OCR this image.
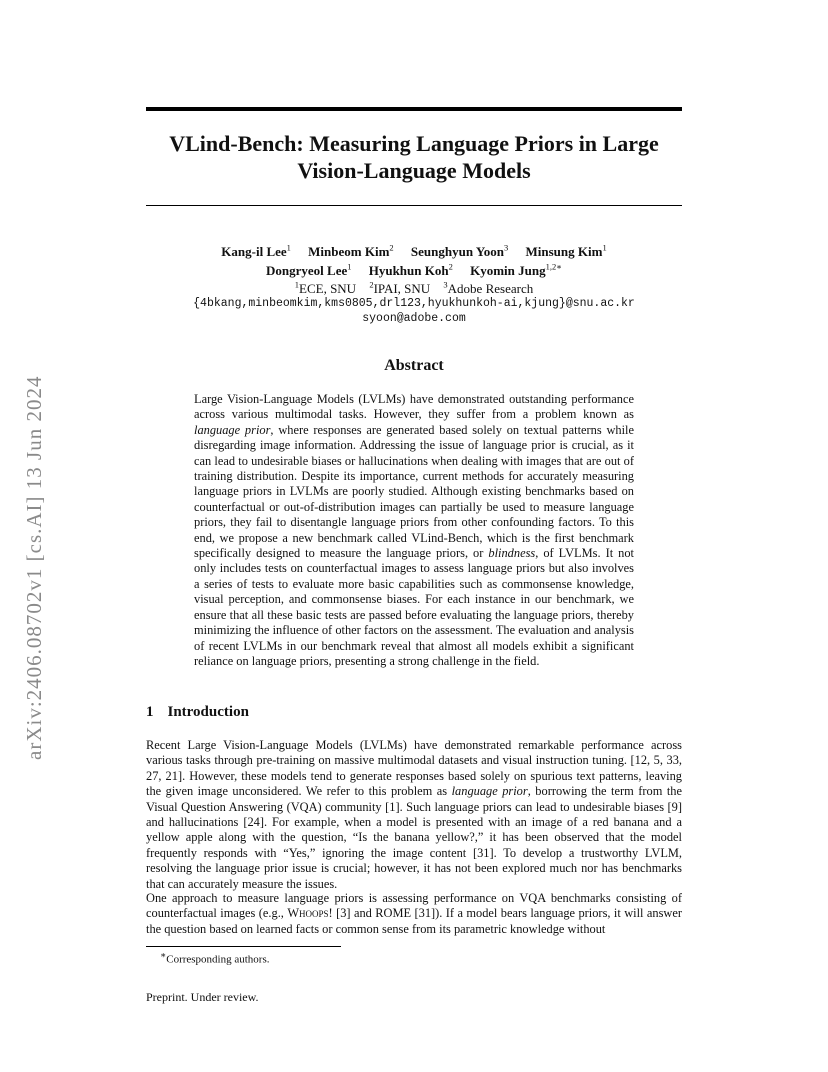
arXiv:2406.08702v1 [cs.AI] 13 Jun 2024
VLind-Bench: Measuring Language Priors in Large
Vision-Language Models
Kang-il Lee$^1$ Minbeom Kim$^2$ Seunghyun Yoon$^3$ Minsung Kim$^1$
Dongryeol Lee$^1$ Hyukhun Koh$^2$ Kyomin Jung$^{1,2∗}$
$^1$ECE, SNU $^2$IPAI, SNU $^3$Adobe Research
{4bkang,minbeomkim,kms0805,drl123,hyukhunkoh-ai,kjung}@snu.ac.kr
syoon@adobe.com
Abstract
Large Vision-Language Models (LVLMs) have demonstrated outstanding performance across various multimodal tasks. However, they suffer from a problem known as language prior, where responses are generated based solely on textual patterns while disregarding image information. Addressing the issue of language prior is crucial, as it can lead to undesirable biases or hallucinations when dealing with images that are out of training distribution. Despite its importance, current methods for accurately measuring language priors in LVLMs are poorly studied. Although existing benchmarks based on counterfactual or out-of-distribution images can partially be used to measure language priors, they fail to disentangle language priors from other confounding factors. To this end, we propose a new benchmark called VLind-Bench, which is the first benchmark specifically designed to measure the language priors, or blindness, of LVLMs. It not only includes tests on counterfactual images to assess language priors but also involves a series of tests to evaluate more basic capabilities such as commonsense knowledge, visual perception, and commonsense biases. For each instance in our benchmark, we ensure that all these basic tests are passed before evaluating the language priors, thereby minimizing the influence of other factors on the assessment. The evaluation and analysis of recent LVLMs in our benchmark reveal that almost all models exhibit a significant reliance on language priors, presenting a strong challenge in the field.
1 Introduction
Recent Large Vision-Language Models (LVLMs) have demonstrated remarkable performance across various tasks through pre-training on massive multimodal datasets and visual instruction tuning. [12, 5, 33, 27, 21]. However, these models tend to generate responses based solely on spurious text patterns, leaving the given image unconsidered. We refer to this problem as language prior, borrowing the term from the Visual Question Answering (VQA) community [1]. Such language priors can lead to undesirable biases [9] and hallucinations [24]. For example, when a model is presented with an image of a red banana and a yellow apple along with the question, “Is the banana yellow?,” it has been observed that the model frequently responds with “Yes,” ignoring the image content [31]. To develop a trustworthy LVLM, resolving the language prior issue is crucial; however, it has not been explored much nor has benchmarks that can accurately measure the issues.
One approach to measure language priors is assessing performance on VQA benchmarks consisting of counterfactual images (e.g., Whoops! [3] and ROME [31]). If a model bears language priors, it will answer the question based on learned facts or common sense from its parametric knowledge without
∗Corresponding authors.
Preprint. Under review.
